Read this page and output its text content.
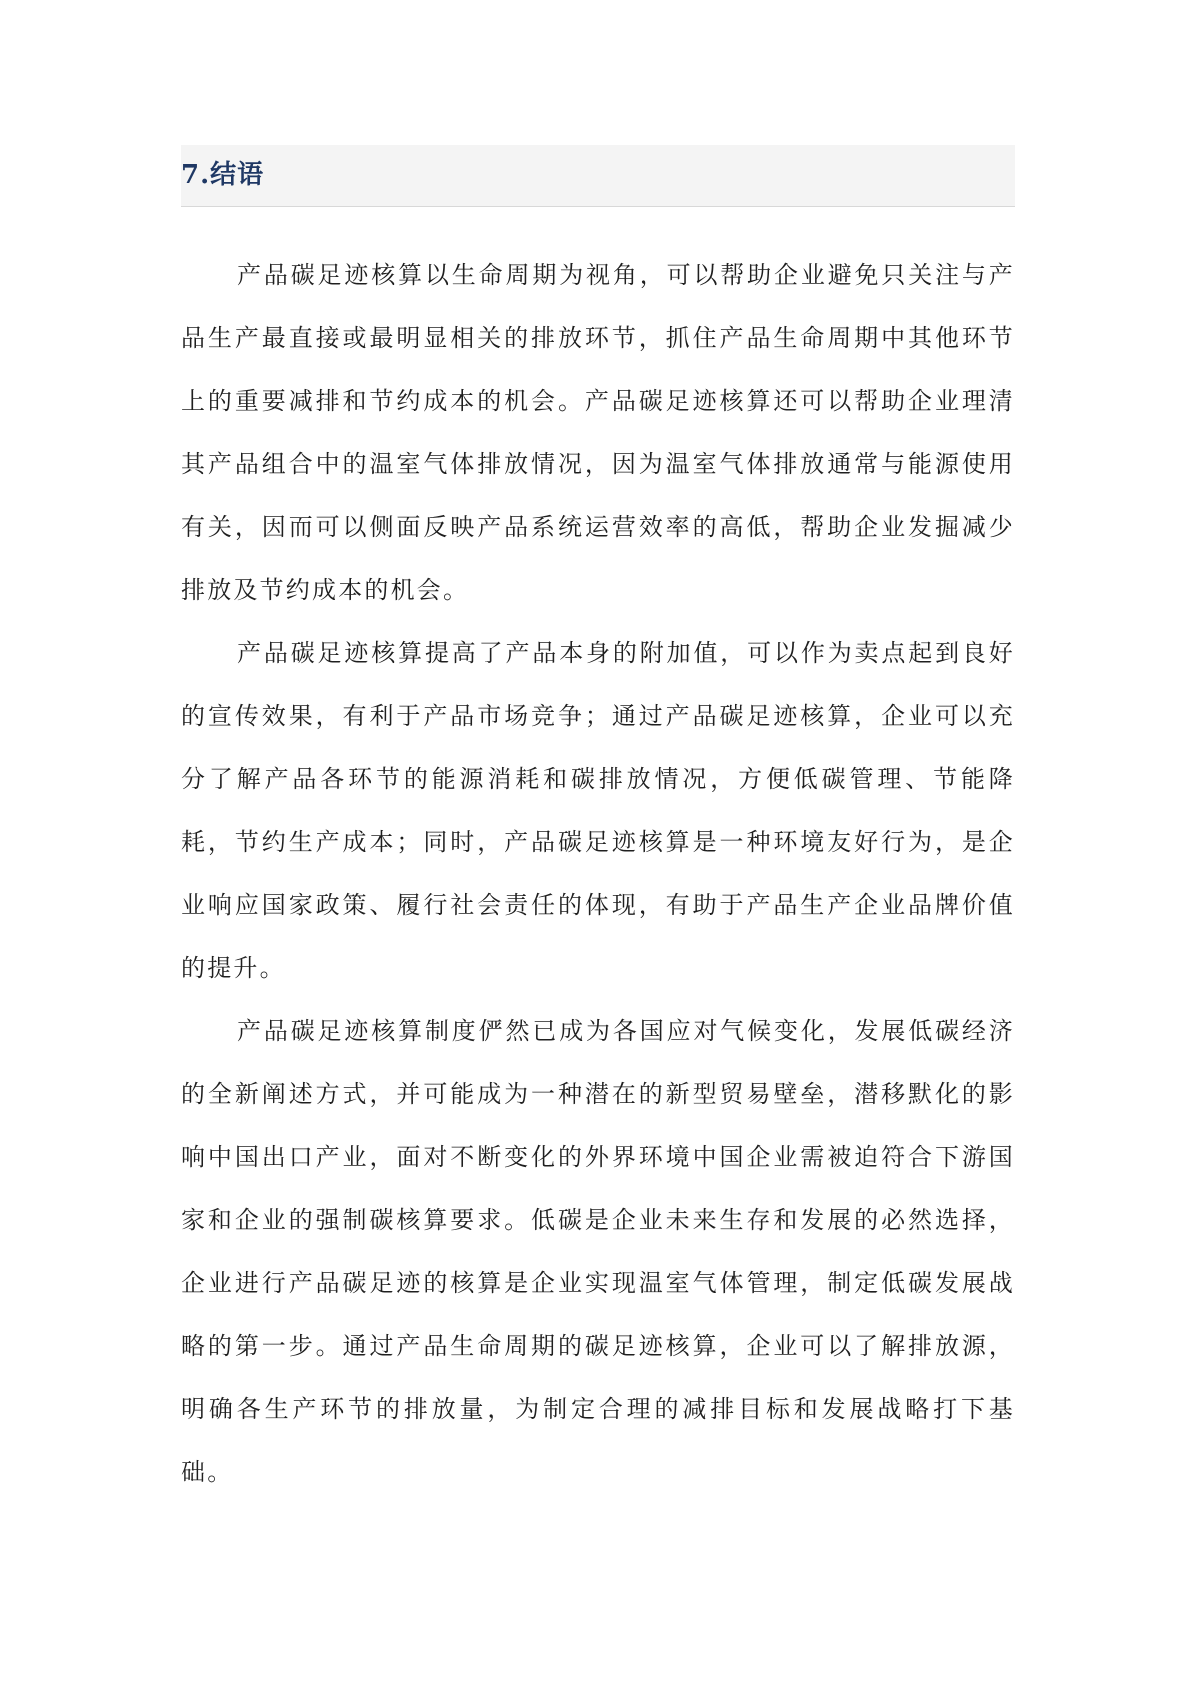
7.结语

产品碳足迹核算以生命周期为视角，可以帮助企业避免只关注与产品生产最直接或最明显相关的排放环节，抓住产品生命周期中其他环节上的重要减排和节约成本的机会。产品碳足迹核算还可以帮助企业理清其产品组合中的温室气体排放情况，因为温室气体排放通常与能源使用有关，因而可以侧面反映产品系统运营效率的高低，帮助企业发掘减少排放及节约成本的机会。

产品碳足迹核算提高了产品本身的附加值，可以作为卖点起到良好的宣传效果，有利于产品市场竞争；通过产品碳足迹核算，企业可以充分了解产品各环节的能源消耗和碳排放情况，方便低碳管理、节能降耗，节约生产成本；同时，产品碳足迹核算是一种环境友好行为，是企业响应国家政策、履行社会责任的体现，有助于产品生产企业品牌价值的提升。

产品碳足迹核算制度俨然已成为各国应对气候变化，发展低碳经济的全新阐述方式，并可能成为一种潜在的新型贸易壁垒，潜移默化的影响中国出口产业，面对不断变化的外界环境中国企业需被迫符合下游国家和企业的强制碳核算要求。低碳是企业未来生存和发展的必然选择，企业进行产品碳足迹的核算是企业实现温室气体管理，制定低碳发展战略的第一步。通过产品生命周期的碳足迹核算，企业可以了解排放源，明确各生产环节的排放量，为制定合理的减排目标和发展战略打下基础。
